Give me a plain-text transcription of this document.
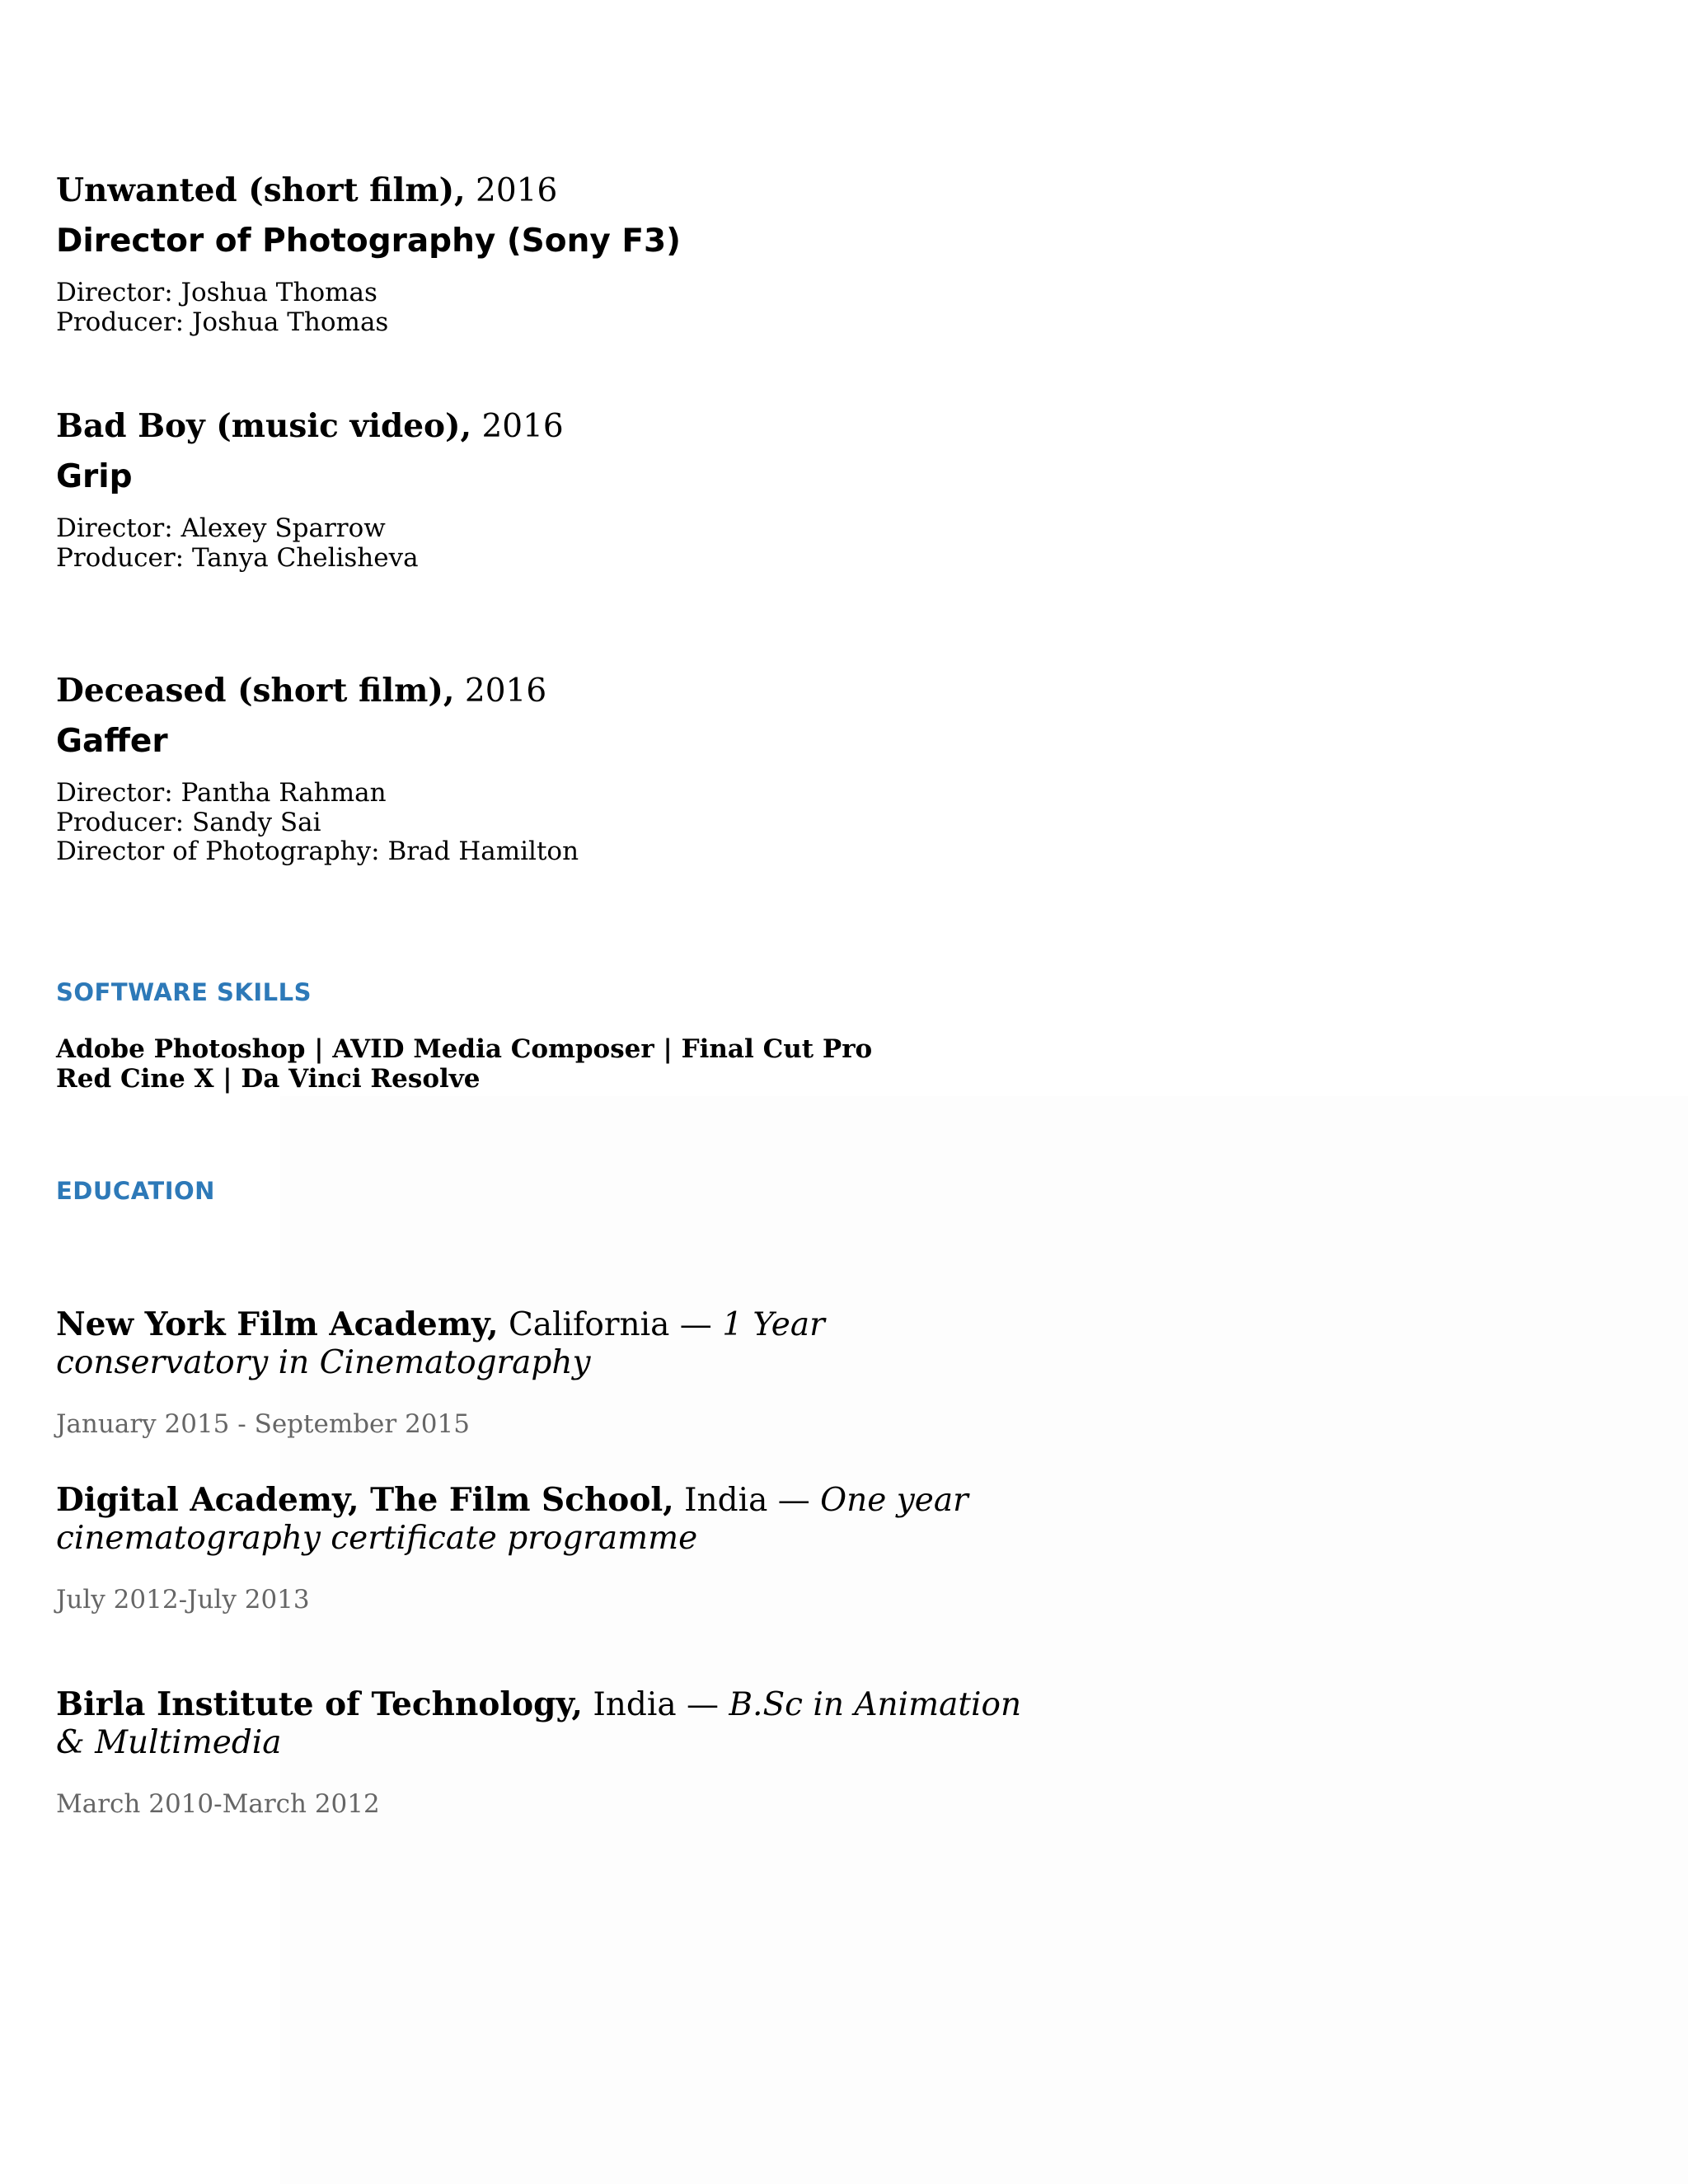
Unwanted (short film), 2016
Director of Photography (Sony F3)
Director: Joshua Thomas
Producer: Joshua Thomas
Bad Boy (music video), 2016
Grip
Director: Alexey Sparrow
Producer: Tanya Chelisheva
Deceased (short film), 2016
Gaffer
Director: Pantha Rahman
Producer: Sandy Sai
Director of Photography: Brad Hamilton
SOFTWARE SKILLS
Adobe Photoshop | AVID Media Composer | Final Cut Pro
Red Cine X | Da Vinci Resolve
EDUCATION
New York Film Academy, California — 1 Year conservatory in Cinematography
January 2015 - September 2015
Digital Academy, The Film School, India — One year cinematography certificate programme
July 2012-July 2013
Birla Institute of Technology, India — B.Sc in Animation & Multimedia
March 2010-March 2012
